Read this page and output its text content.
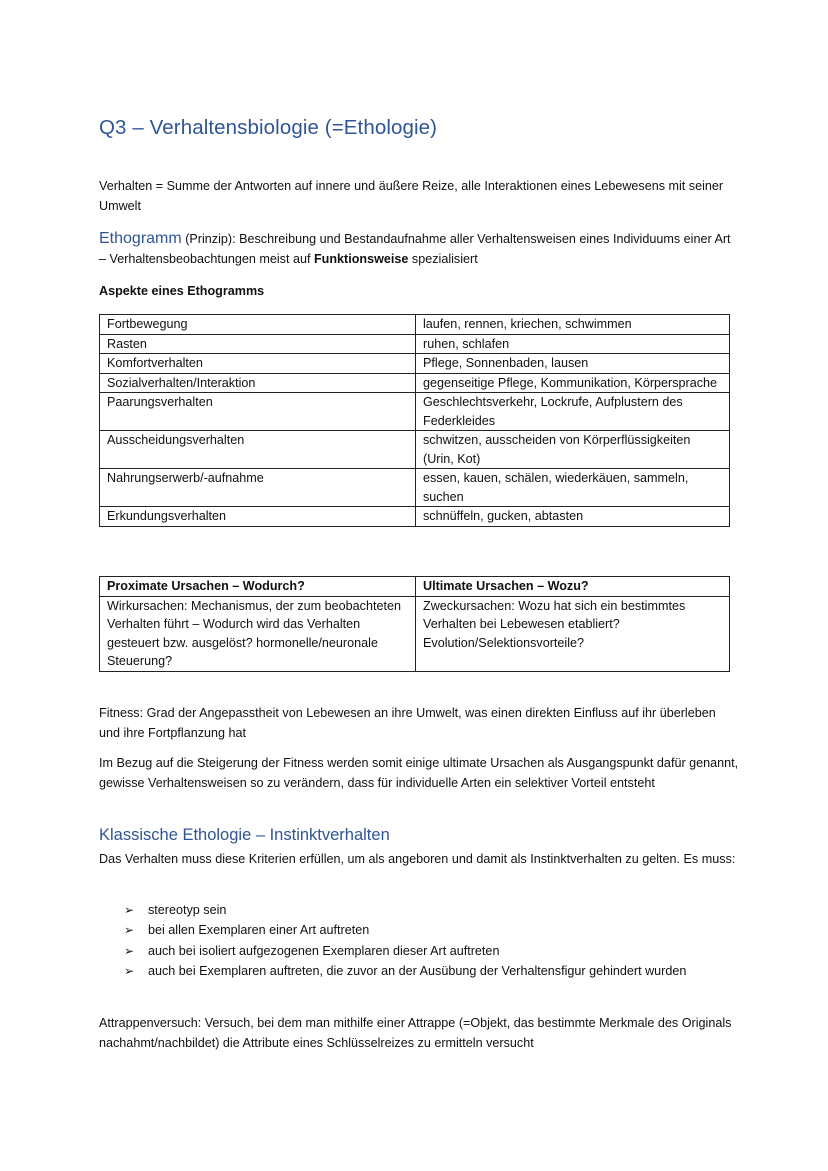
Q3 – Verhaltensbiologie (=Ethologie)

Verhalten = Summe der Antworten auf innere und äußere Reize, alle Interaktionen eines Lebewesens mit seiner Umwelt

Ethogramm (Prinzip): Beschreibung und Bestandaufnahme aller Verhaltensweisen eines Individuums einer Art – Verhaltensbeobachtungen meist auf Funktionsweise spezialisiert

Aspekte eines Ethogramms

Fortbewegung	laufen, rennen, kriechen, schwimmen
Rasten	ruhen, schlafen
Komfortverhalten	Pflege, Sonnenbaden, lausen
Sozialverhalten/Interaktion	gegenseitige Pflege, Kommunikation, Körpersprache
Paarungsverhalten	Geschlechtsverkehr, Lockrufe, Aufplustern des Federkleides
Ausscheidungsverhalten	schwitzen, ausscheiden von Körperflüssigkeiten (Urin, Kot)
Nahrungserwerb/-aufnahme	essen, kauen, schälen, wiederkäuen, sammeln, suchen
Erkundungsverhalten	schnüffeln, gucken, abtasten
Proximate Ursachen – Wodurch?	Ultimate Ursachen – Wozu?
Wirkursachen: Mechanismus, der zum beobachteten Verhalten führt – Wodurch wird das Verhalten gesteuert bzw. ausgelöst? hormonelle/neuronale Steuerung?	Zweckursachen: Wozu hat sich ein bestimmtes Verhalten bei Lebewesen etabliert? Evolution/Selektionsvorteile?

Fitness: Grad der Angepasstheit von Lebewesen an ihre Umwelt, was einen direkten Einfluss auf ihr überleben und ihre Fortpflanzung hat

Im Bezug auf die Steigerung der Fitness werden somit einige ultimate Ursachen als Ausgangspunkt dafür genannt, gewisse Verhaltensweisen so zu verändern, dass für individuelle Arten ein selektiver Vorteil entsteht

Klassische Ethologie – Instinktverhalten

Das Verhalten muss diese Kriterien erfüllen, um als angeboren und damit als Instinktverhalten zu gelten. Es muss:

➢ stereotyp sein
➢ bei allen Exemplaren einer Art auftreten
➢ auch bei isoliert aufgezogenen Exemplaren dieser Art auftreten
➢ auch bei Exemplaren auftreten, die zuvor an der Ausübung der Verhaltensfigur gehindert wurden

Attrappenversuch: Versuch, bei dem man mithilfe einer Attrappe (=Objekt, das bestimmte Merkmale des Originals nachahmt/nachbildet) die Attribute eines Schlüsselreizes zu ermitteln versucht
